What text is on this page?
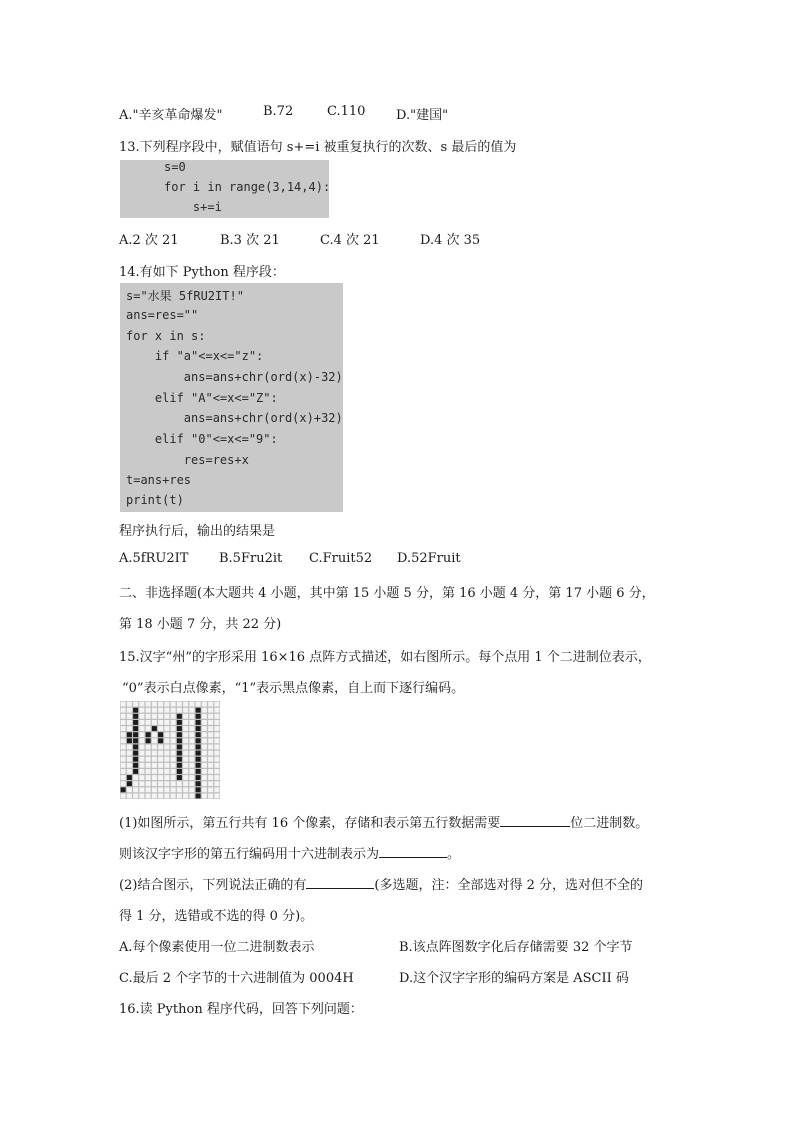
A."辛亥革命爆发"	B.72	C.110 D."建国"
13.下列程序段中，赋值语句 s+=i 被重复执行的次数、s 最后的值为
s=0
for i in range(3,14,4):
s+=i
A.2 次 21	B.3 次 21	C.4 次 21	D.4 次 35
14.有如下 Python 程序段：
s="水果 5fRU2IT!"
ans=res=""
for x in s:
if "a"<=x<="z":
ans=ans+chr(ord(x)-32)
elif "A"<=x<="Z":
ans=ans+chr(ord(x)+32)
elif "0"<=x<="9":
res=res+x
t=ans+res
print(t)
程序执行后，输出的结果是
A.5fRU2IT B.5Fru2it C.Fruit52 D.52Fruit
二、非选择题(本大题共 4 小题，其中第 15 小题 5 分，第 16 小题 4 分，第 17 小题 6 分，
第 18 小题 7 分，共 22 分)
15.汉字“州”的字形采用 16×16 点阵方式描述，如右图所示。每个点用 1 个二进制位表示，
“0”表示白点像素，“1”表示黑点像素，自上而下逐行编码。
(1)如图所示，第五行共有 16 个像素，存储和表示第五行数据需要	位二进制数。
则该汉字字形的第五行编码用十六进制表示为	。
(2)结合图示，下列说法正确的有	(多选题，注：全部选对得 2 分，选对但不全的
得 1 分，选错或不选的得 0 分)。
A.每个像素使用一位二进制数表示	B.该点阵图数字化后存储需要 32 个字节
C.最后 2 个字节的十六进制值为 0004H	D.这个汉字字形的编码方案是 ASCII 码
16.读 Python 程序代码，回答下列问题：
